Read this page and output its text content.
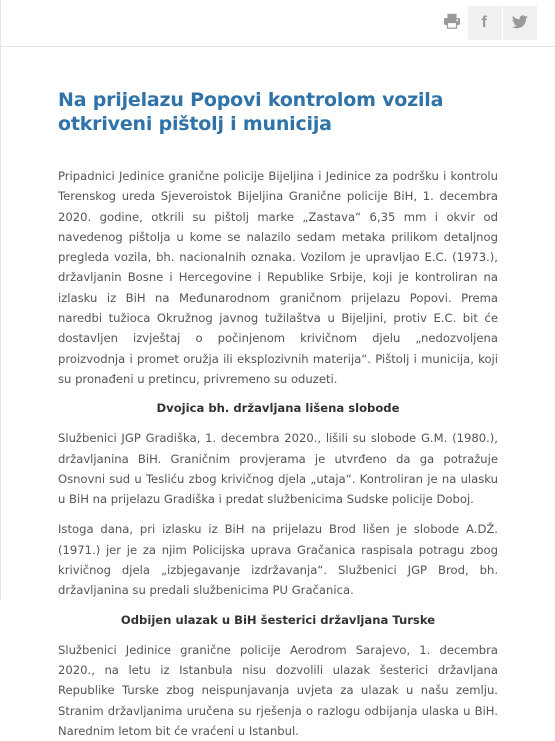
f
Na prijelazu Popovi kontrolom vozila otkriveni pištolj i municija

Pripadnici Jedinice granične policije Bijeljina i Jedinice za podršku i kontrolu Terenskog ureda Sjeveroistok Bijeljina Granične policije BiH, 1. decembra 2020. godine, otkrili su pištolj marke „Zastava“ 6,35 mm i okvir od navedenog pištolja u kome se nalazilo sedam metaka prilikom detaljnog pregleda vozila, bh. nacionalnih oznaka. Vozilom je upravljao E.C. (1973.), državljanin Bosne i Hercegovine i Republike Srbije, koji je kontroliran na izlasku iz BiH na Međunarodnom graničnom prijelazu Popovi. Prema naredbi tužioca Okružnog javnog tužilaštva u Bijeljini, protiv E.C. bit će dostavljen izvještaj o počinjenom krivičnom djelu „nedozvoljena proizvodnja i promet oružja ili eksplozivnih materija“. Pištolj i municija, koji su pronađeni u pretincu, privremeno su oduzeti.

Dvojica bh. državljana lišena slobode

Službenici JGP Gradiška, 1. decembra 2020., lišili su slobode G.M. (1980.), državljanina BiH. Graničnim provjerama je utvrđeno da ga potražuje Osnovni sud u Tesliću zbog krivičnog djela „utaja“. Kontroliran je na ulasku u BiH na prijelazu Gradiška i predat službenicima Sudske policije Doboj.

Istoga dana, pri izlasku iz BiH na prijelazu Brod lišen je slobode A.DŽ. (1971.) jer je za njim Policijska uprava Gračanica raspisala potragu zbog krivičnog djela „izbjegavanje izdržavanja“. Službenici JGP Brod, bh. državljanina su predali službenicima PU Gračanica.

Odbijen ulazak u BiH šesterici državljana Turske

Službenici Jedinice granične policije Aerodrom Sarajevo, 1. decembra 2020., na letu iz Istanbula nisu dozvolili ulazak šesterici državljana Republike Turske zbog neispunjavanja uvjeta za ulazak u našu zemlju. Stranim državljanima uručena su rješenja o razlogu odbijanja ulaska u BiH. Narednim letom bit će vraćeni u Istanbul.
